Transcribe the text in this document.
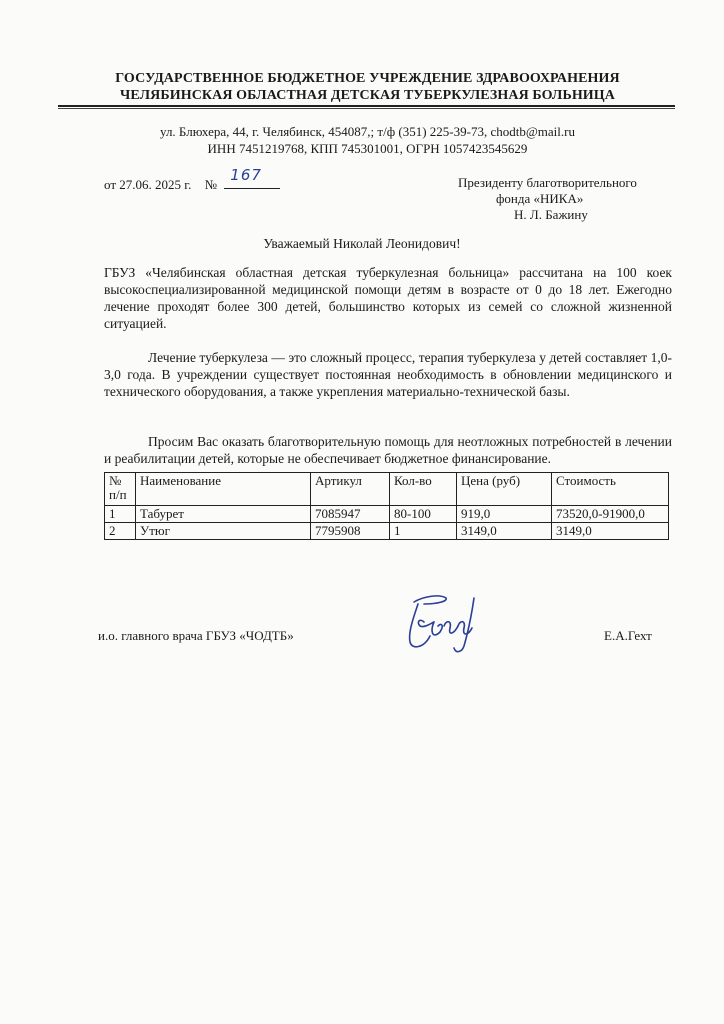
ГОСУДАРСТВЕННОЕ БЮДЖЕТНОЕ УЧРЕЖДЕНИЕ ЗДРАВООХРАНЕНИЯ
ЧЕЛЯБИНСКАЯ ОБЛАСТНАЯ ДЕТСКАЯ ТУБЕРКУЛЕЗНАЯ БОЛЬНИЦА
ул. Блюхера, 44, г. Челябинск, 454087,; т/ф (351) 225-39-73, chodtb@mail.ru
ИНН 7451219768, КПП 745301001, ОГРН 1057423545629
от 27.06. 2025 г. №
167	Президенту благотворительного
фонда «НИКА»
Н. Л. Бажину
Уважаемый Николай Леонидович!
ГБУЗ «Челябинская областная детская туберкулезная больница» рассчитана на 100 коек высокоспециализированной медицинской помощи детям в возрасте от 0 до 18 лет. Ежегодно лечение проходят более 300 детей, большинство которых из семей со сложной жизненной ситуацией.
Лечение туберкулеза — это сложный процесс, терапия туберкулеза у детей составляет 1,0-3,0 года. В учреждении существует постоянная необходимость в обновлении медицинского и технического оборудования, а также укрепления материально-технической базы.
Просим Вас оказать благотворительную помощь для неотложных потребностей в лечении и реабилитации детей, которые не обеспечивает бюджетное финансирование.
№ п/п	Наименование	Артикул	Кол-во	Цена (руб)	Стоимость
1	Табурет	7085947	80-100	919,0	73520,0-91900,0
2	Утюг	7795908	1	3149,0	3149,0
и.о. главного врача ГБУЗ «ЧОДТБ»	Е.А.Гехт
